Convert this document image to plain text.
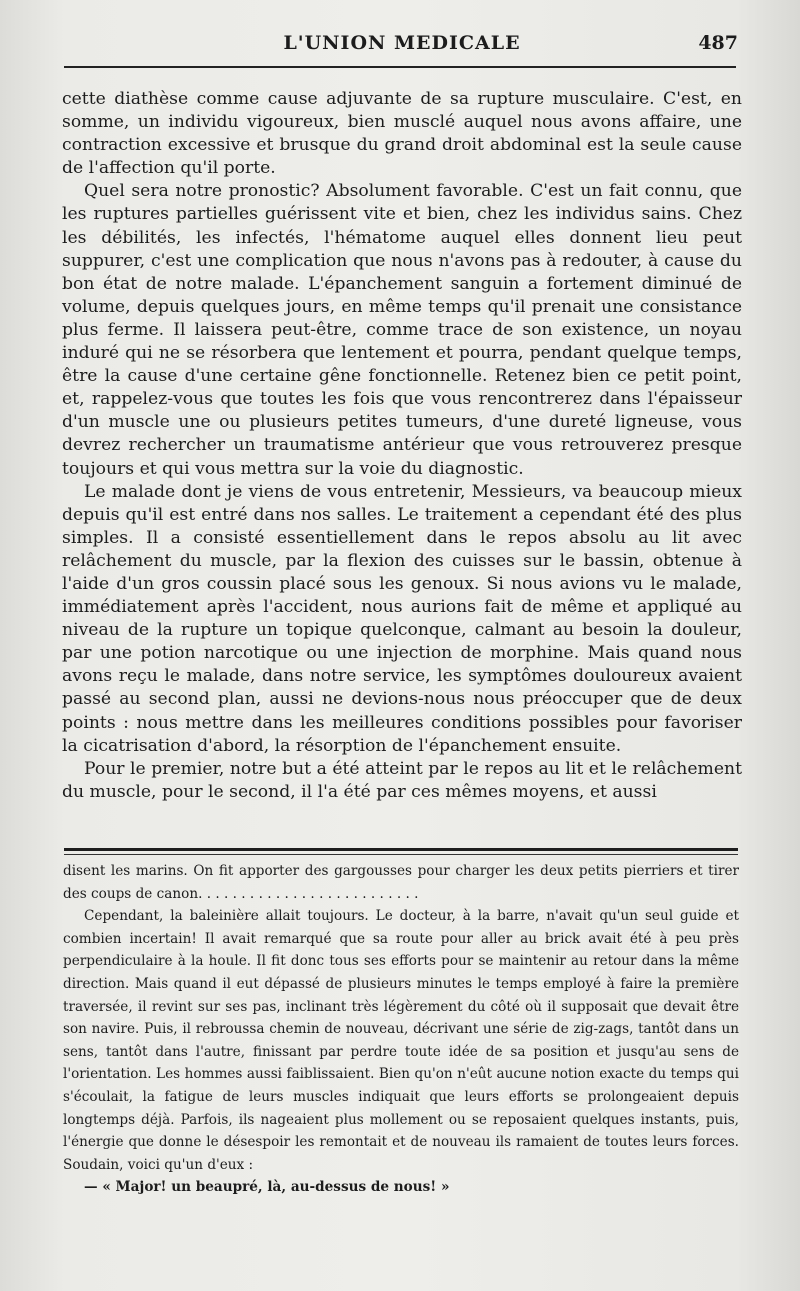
L'UNION MEDICALE	487

cette diathèse comme cause adjuvante de sa rupture musculaire. C'est, en somme, un individu vigoureux, bien musclé auquel nous avons affaire, une contraction excessive et brusque du grand droit abdominal est la seule cause de l'affection qu'il porte.

Quel sera notre pronostic? Absolument favorable. C'est un fait connu, que les ruptures partielles guérissent vite et bien, chez les individus sains. Chez les débilités, les infectés, l'hématome auquel elles donnent lieu peut suppurer, c'est une complication que nous n'avons pas à redouter, à cause du bon état de notre malade. L'épanchement sanguin a fortement diminué de volume, depuis quelques jours, en même temps qu'il prenait une consistance plus ferme. Il laissera peut-être, comme trace de son existence, un noyau induré qui ne se résorbera que lentement et pourra, pendant quelque temps, être la cause d'une certaine gêne fonctionnelle. Retenez bien ce petit point, et, rappelez-vous que toutes les fois que vous rencontrerez dans l'épaisseur d'un muscle une ou plusieurs petites tumeurs, d'une dureté ligneuse, vous devrez rechercher un traumatisme antérieur que vous retrouverez presque toujours et qui vous mettra sur la voie du diagnostic.

Le malade dont je viens de vous entretenir, Messieurs, va beaucoup mieux depuis qu'il est entré dans nos salles. Le traitement a cependant été des plus simples. Il a consisté essentiellement dans le repos absolu au lit avec relâchement du muscle, par la flexion des cuisses sur le bassin, obtenue à l'aide d'un gros coussin placé sous les genoux. Si nous avions vu le malade, immédiatement après l'accident, nous aurions fait de même et appliqué au niveau de la rupture un topique quelconque, calmant au besoin la douleur, par une potion narcotique ou une injection de morphine. Mais quand nous avons reçu le malade, dans notre service, les symptômes douloureux avaient passé au second plan, aussi ne devions-nous nous préoccuper que de deux points : nous mettre dans les meilleures conditions possibles pour favoriser la cicatrisation d'abord, la résorption de l'épanchement ensuite.

Pour le premier, notre but a été atteint par le repos au lit et le relâchement du muscle, pour le second, il l'a été par ces mêmes moyens, et aussi

disent les marins. On fit apporter des gargousses pour charger les deux petits pierriers et tirer des coups de canon. . . . . . . . . . . . . . . . . . . . . . . . . .

Cependant, la baleinière allait toujours. Le docteur, à la barre, n'avait qu'un seul guide et combien incertain! Il avait remarqué que sa route pour aller au brick avait été à peu près perpendiculaire à la houle. Il fit donc tous ses efforts pour se maintenir au retour dans la même direction. Mais quand il eut dépassé de plusieurs minutes le temps employé à faire la première traversée, il revint sur ses pas, inclinant très légèrement du côté où il supposait que devait être son navire. Puis, il rebroussa chemin de nouveau, décrivant une série de zig-zags, tantôt dans un sens, tantôt dans l'autre, finissant par perdre toute idée de sa position et jusqu'au sens de l'orientation. Les hommes aussi faiblissaient. Bien qu'on n'eût aucune notion exacte du temps qui s'écoulait, la fatigue de leurs muscles indiquait que leurs efforts se prolongeaient depuis longtemps déjà. Parfois, ils nageaient plus mollement ou se reposaient quelques instants, puis, l'énergie que donne le désespoir les remontait et de nouveau ils ramaient de toutes leurs forces. Soudain, voici qu'un d'eux :

— « Major! un beaupré, là, au-dessus de nous! »
